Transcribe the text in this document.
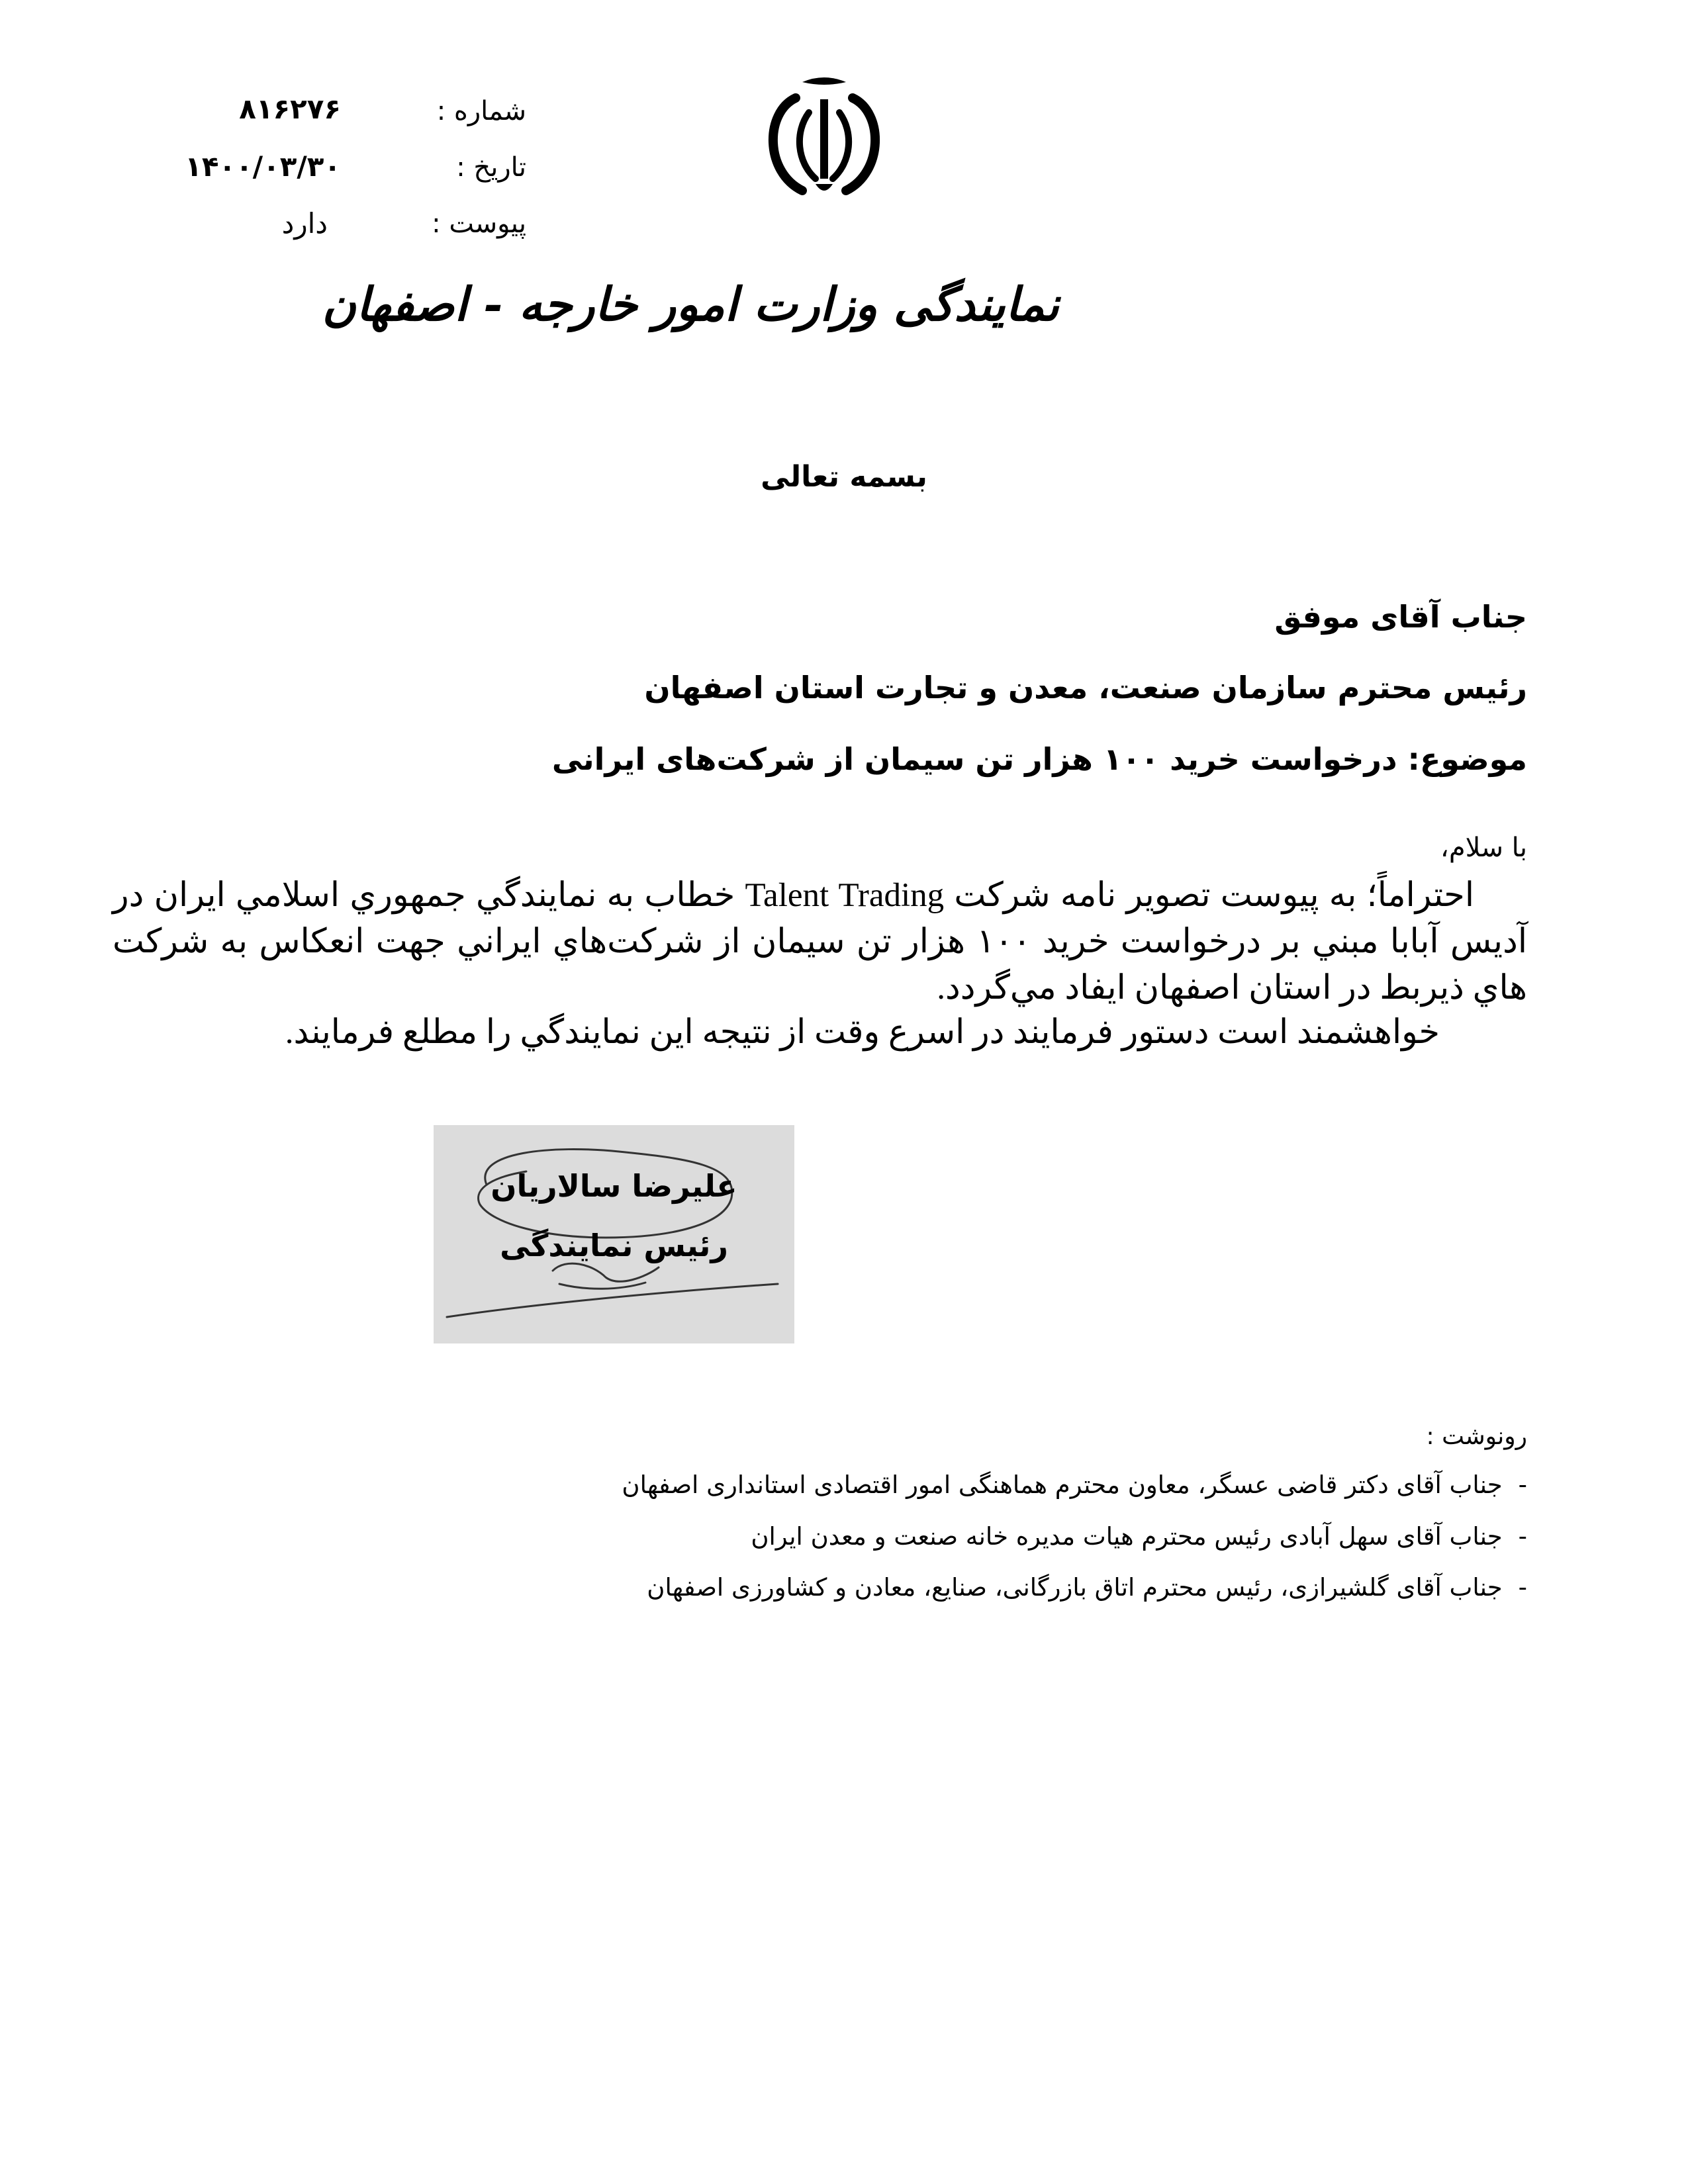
شماره :
۸۱۶۲۷۶
تاریخ :
۱۴۰۰/۰۳/۳۰
پیوست :
دارد
نمایندگی وزارت امور خارجه - اصفهان
بسمه تعالی
جناب آقای موفق
رئیس محترم سازمان صنعت، معدن و تجارت استان اصفهان
موضوع: درخواست خرید ۱۰۰ هزار تن سیمان از شرکت‌های ایرانی
با سلام،

احتراماً؛ به پیوست تصویر نامه شرکت Talent Trading خطاب به نمایندگي جمهوري اسلامي ايران در آديس آبابا مبني بر درخواست خريد ۱۰۰ هزار تن سيمان از شرکت‌هاي ايراني جهت انعکاس به شرکت هاي ذيربط در استان اصفهان ايفاد مي‌گردد.

خواهشمند است دستور فرمایند در اسرع وقت از نتیجه این نمایندگي را مطلع فرمایند.
علیرضا سالاریان
رئیس نمایندگی
رونوشت :
-جناب آقای دکتر قاضی عسگر، معاون محترم هماهنگی امور اقتصادی استانداری اصفهان
-جناب آقای سهل آبادی رئیس محترم هیات مدیره خانه صنعت و معدن ایران
-جناب آقای گلشیرازی، رئیس محترم اتاق بازرگانی، صنایع، معادن و کشاورزی اصفهان
